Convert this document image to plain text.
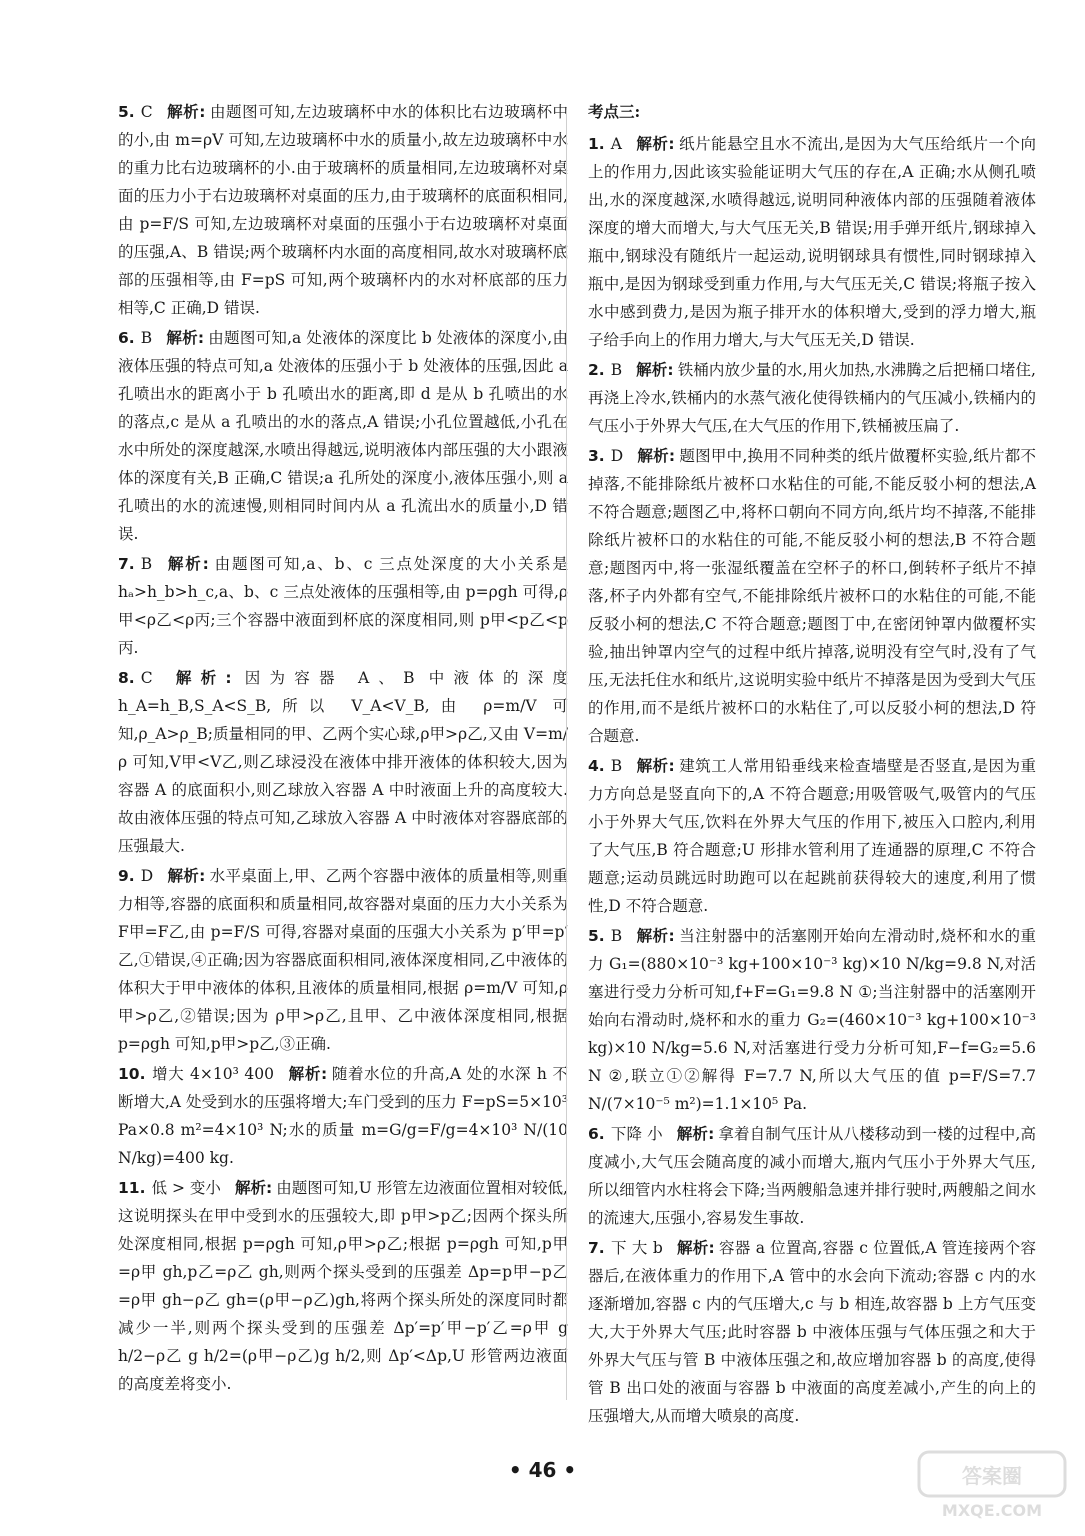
5. C 解析: 由题图可知,左边玻璃杯中水的体积比右边玻璃杯中的小,由 m=ρV 可知,左边玻璃杯中水的质量小,故左边玻璃杯中水的重力比右边玻璃杯的小.由于玻璃杯的质量相同,左边玻璃杯对桌面的压力小于右边玻璃杯对桌面的压力,由于玻璃杯的底面积相同,由 p=F/S 可知,左边玻璃杯对桌面的压强小于右边玻璃杯对桌面的压强,A、B 错误;两个玻璃杯内水面的高度相同,故水对玻璃杯底部的压强相等,由 F=pS 可知,两个玻璃杯内的水对杯底部的压力相等,C 正确,D 错误.
6. B 解析: 由题图可知,a 处液体的深度比 b 处液体的深度小,由液体压强的特点可知,a 处液体的压强小于 b 处液体的压强,因此 a 孔喷出水的距离小于 b 孔喷出水的距离,即 d 是从 b 孔喷出的水的落点,c 是从 a 孔喷出的水的落点,A 错误;小孔位置越低,小孔在水中所处的深度越深,水喷出得越远,说明液体内部压强的大小跟液体的深度有关,B 正确,C 错误;a 孔所处的深度小,液体压强小,则 a 孔喷出的水的流速慢,则相同时间内从 a 孔流出水的质量小,D 错误.
7. B 解析: 由题图可知,a、b、c 三点处深度的大小关系是 hₐ>h_b>h_c,a、b、c 三点处液体的压强相等,由 p=ρgh 可得,ρ甲<ρ乙<ρ丙;三个容器中液面到杯底的深度相同,则 p甲<p乙<p丙.
8. C 解析: 因为容器 A、B 中液体的深度 h_A=h_B,S_A<S_B,所以 V_A<V_B,由 ρ=m/V 可知,ρ_A>ρ_B;质量相同的甲、乙两个实心球,ρ甲>ρ乙,又由 V=m/ρ 可知,V甲<V乙,则乙球浸没在液体中排开液体的体积较大,因为容器 A 的底面积小,则乙球放入容器 A 中时液面上升的高度较大.故由液体压强的特点可知,乙球放入容器 A 中时液体对容器底部的压强最大.
9. D 解析: 水平桌面上,甲、乙两个容器中液体的质量相等,则重力相等,容器的底面积和质量相同,故容器对桌面的压力大小关系为 F甲=F乙,由 p=F/S 可得,容器对桌面的压强大小关系为 p′甲=p′乙,①错误,④正确;因为容器底面积相同,液体深度相同,乙中液体的体积大于甲中液体的体积,且液体的质量相同,根据 ρ=m/V 可知,ρ甲>ρ乙,②错误;因为 ρ甲>ρ乙,且甲、乙中液体深度相同,根据 p=ρgh 可知,p甲>p乙,③正确.
10. 增大 4×10³ 400 解析: 随着水位的升高,A 处的水深 h 不断增大,A 处受到水的压强将增大;车门受到的压力 F=pS=5×10³ Pa×0.8 m²=4×10³ N;水的质量 m=G/g=F/g=4×10³ N/(10 N/kg)=400 kg.
11. 低 > 变小 解析: 由题图可知,U 形管左边液面位置相对较低,这说明探头在甲中受到水的压强较大,即 p甲>p乙;因两个探头所处深度相同,根据 p=ρgh 可知,ρ甲>ρ乙;根据 p=ρgh 可知,p甲=ρ甲 gh,p乙=ρ乙 gh,则两个探头受到的压强差 Δp=p甲−p乙=ρ甲 gh−ρ乙 gh=(ρ甲−ρ乙)gh,将两个探头所处的深度同时都减少一半,则两个探头受到的压强差 Δp′=p′甲−p′乙=ρ甲 g h/2−ρ乙 g h/2=(ρ甲−ρ乙)g h/2,则 Δp′<Δp,U 形管两边液面的高度差将变小.
考点三:
1. A 解析: 纸片能悬空且水不流出,是因为大气压给纸片一个向上的作用力,因此该实验能证明大气压的存在,A 正确;水从侧孔喷出,水的深度越深,水喷得越远,说明同种液体内部的压强随着液体深度的增大而增大,与大气压无关,B 错误;用手弹开纸片,钢球掉入瓶中,钢球没有随纸片一起运动,说明钢球具有惯性,同时钢球掉入瓶中,是因为钢球受到重力作用,与大气压无关,C 错误;将瓶子按入水中感到费力,是因为瓶子排开水的体积增大,受到的浮力增大,瓶子给手向上的作用力增大,与大气压无关,D 错误.
2. B 解析: 铁桶内放少量的水,用火加热,水沸腾之后把桶口堵住,再浇上冷水,铁桶内的水蒸气液化使得铁桶内的气压减小,铁桶内的气压小于外界大气压,在大气压的作用下,铁桶被压扁了.
3. D 解析: 题图甲中,换用不同种类的纸片做覆杯实验,纸片都不掉落,不能排除纸片被杯口水粘住的可能,不能反驳小柯的想法,A 不符合题意;题图乙中,将杯口朝向不同方向,纸片均不掉落,不能排除纸片被杯口的水粘住的可能,不能反驳小柯的想法,B 不符合题意;题图丙中,将一张湿纸覆盖在空杯子的杯口,倒转杯子纸片不掉落,杯子内外都有空气,不能排除纸片被杯口的水粘住的可能,不能反驳小柯的想法,C 不符合题意;题图丁中,在密闭钟罩内做覆杯实验,抽出钟罩内空气的过程中纸片掉落,说明没有空气时,没有了气压,无法托住水和纸片,这说明实验中纸片不掉落是因为受到大气压的作用,而不是纸片被杯口的水粘住了,可以反驳小柯的想法,D 符合题意.
4. B 解析: 建筑工人常用铅垂线来检查墙壁是否竖直,是因为重力方向总是竖直向下的,A 不符合题意;用吸管吸气,吸管内的气压小于外界大气压,饮料在外界大气压的作用下,被压入口腔内,利用了大气压,B 符合题意;U 形排水管利用了连通器的原理,C 不符合题意;运动员跳远时助跑可以在起跳前获得较大的速度,利用了惯性,D 不符合题意.
5. B 解析: 当注射器中的活塞刚开始向左滑动时,烧杯和水的重力 G₁=(880×10⁻³ kg+100×10⁻³ kg)×10 N/kg=9.8 N,对活塞进行受力分析可知,f+F=G₁=9.8 N ①;当注射器中的活塞刚开始向右滑动时,烧杯和水的重力 G₂=(460×10⁻³ kg+100×10⁻³ kg)×10 N/kg=5.6 N,对活塞进行受力分析可知,F−f=G₂=5.6 N ②,联立①②解得 F=7.7 N,所以大气压的值 p=F/S=7.7 N/(7×10⁻⁵ m²)=1.1×10⁵ Pa.
6. 下降 小 解析: 拿着自制气压计从八楼移动到一楼的过程中,高度减小,大气压会随高度的减小而增大,瓶内气压小于外界大气压,所以细管内水柱将会下降;当两艘船急速并排行驶时,两艘船之间水的流速大,压强小,容易发生事故.
7. 下 大 b 解析: 容器 a 位置高,容器 c 位置低,A 管连接两个容器后,在液体重力的作用下,A 管中的水会向下流动;容器 c 内的水逐渐增加,容器 c 内的气压增大,c 与 b 相连,故容器 b 上方气压变大,大于外界大气压;此时容器 b 中液体压强与气体压强之和大于外界大气压与管 B 中液体压强之和,故应增加容器 b 的高度,使得管 B 出口处的液面与容器 b 中液面的高度差减小,产生的向上的压强增大,从而增大喷泉的高度.
• 46 •	答案圈
MXQE.COM
